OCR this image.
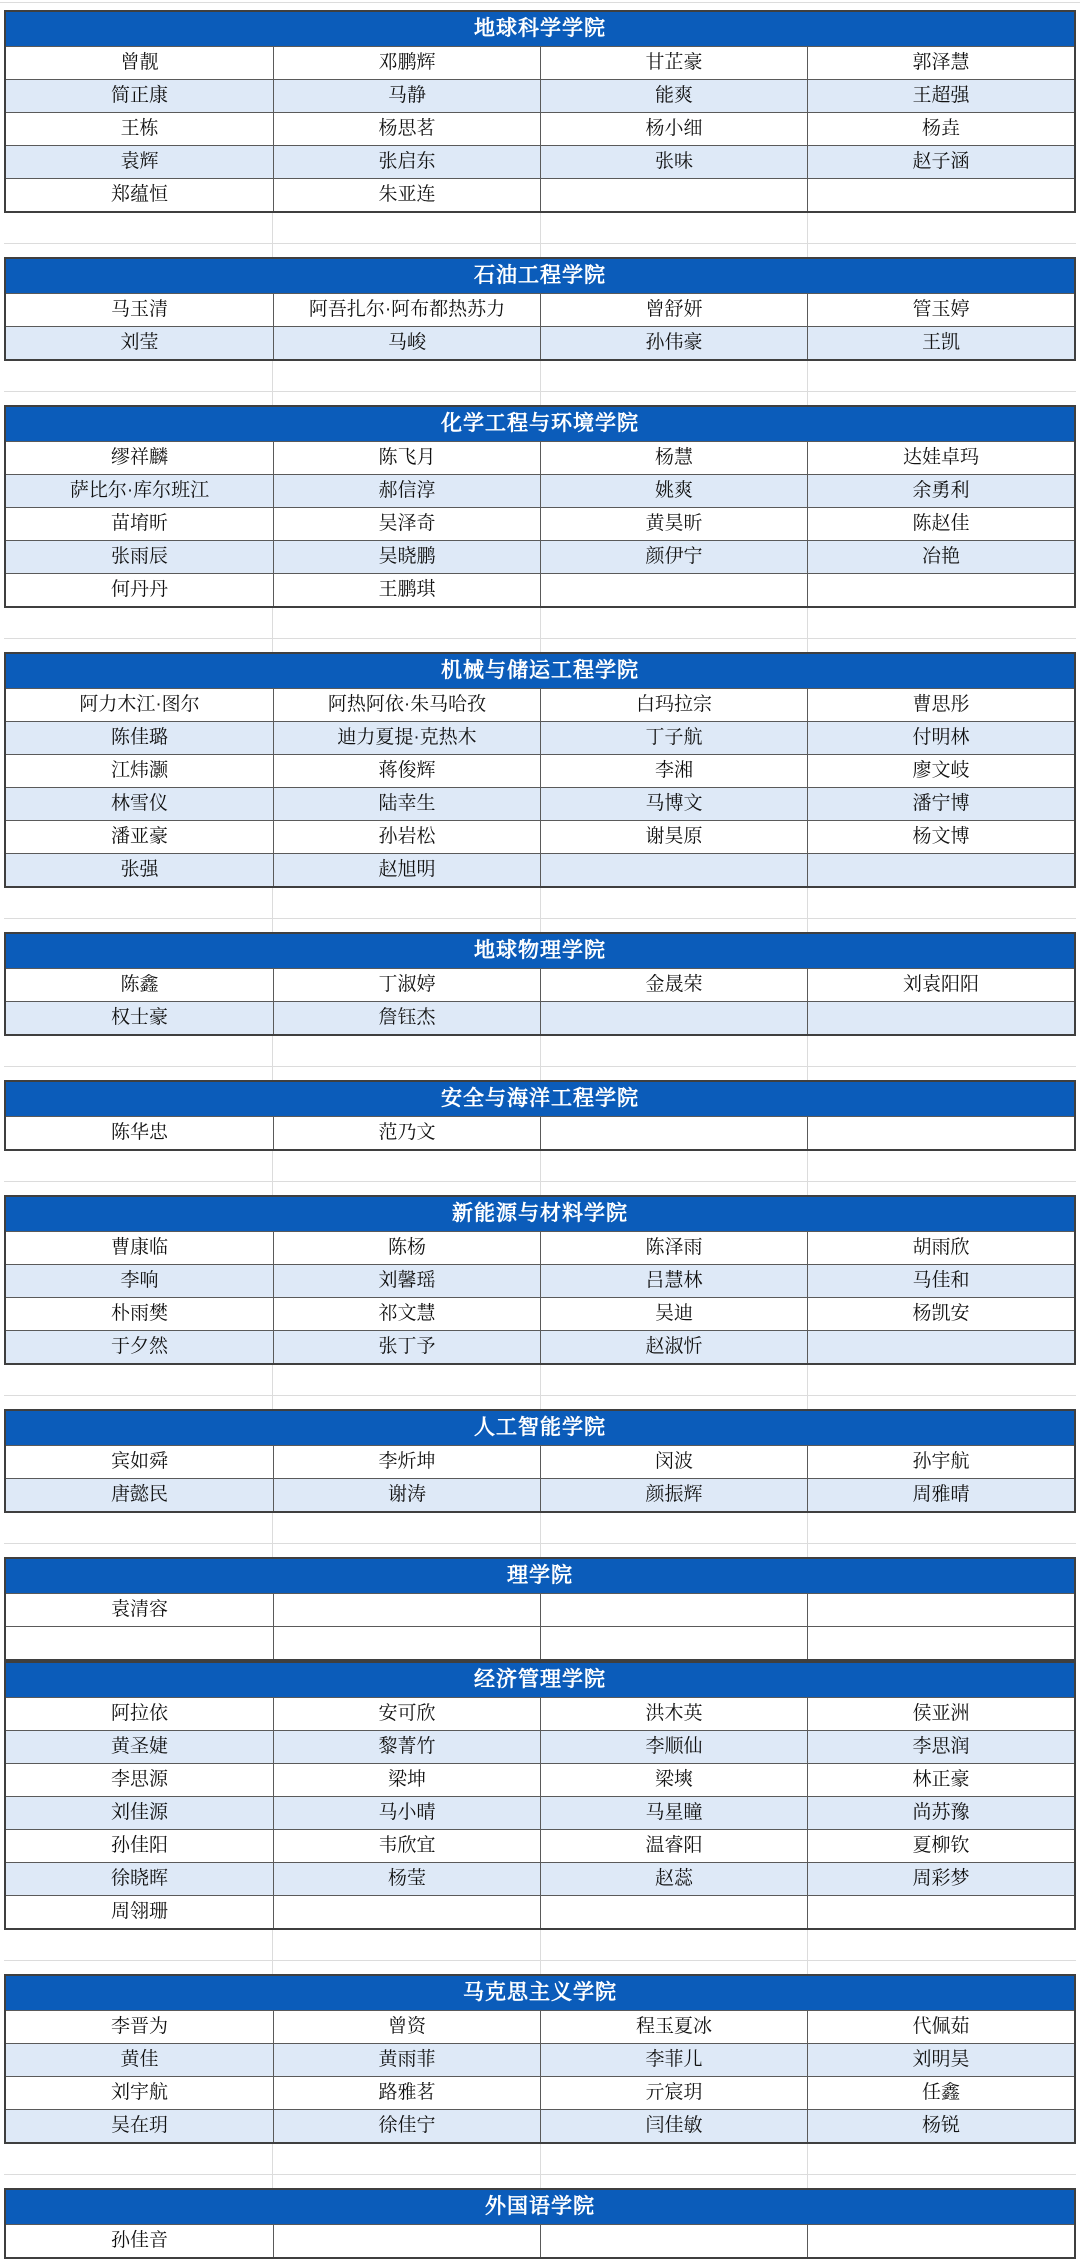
地球科学学院
曾靓	邓鹏辉	甘芷豪	郭泽慧
简正康	马静	能爽	王超强
王栋	杨思茗	杨小细	杨垚
袁辉	张启东	张味	赵子涵
郑蕴恒	朱亚连
石油工程学院
马玉清	阿吾扎尔·阿布都热苏力	曾舒妍	管玉婷
刘莹	马峻	孙伟豪	王凯
化学工程与环境学院
缪祥麟	陈飞月	杨慧	达娃卓玛
萨比尔·库尔班江	郝信淳	姚爽	余勇利
苗堉昕	吴泽奇	黄昊昕	陈赵佳
张雨辰	吴晓鹏	颜伊宁	冶艳
何丹丹	王鹏琪
机械与储运工程学院
阿力木江·图尔	阿热阿依·朱马哈孜	白玛拉宗	曹思彤
陈佳璐	迪力夏提·克热木	丁子航	付明林
江炜灏	蒋俊辉	李湘	廖文岐
林雪仪	陆幸生	马博文	潘宁博
潘亚豪	孙岩松	谢昊原	杨文博
张强	赵旭明
地球物理学院
陈鑫	丁淑婷	金晟荣	刘袁阳阳
权士豪	詹钰杰
安全与海洋工程学院
陈华忠	范乃文
新能源与材料学院
曹康临	陈杨	陈泽雨	胡雨欣
李响	刘馨瑶	吕慧林	马佳和
朴雨樊	祁文慧	吴迪	杨凯安
于夕然	张丁予	赵淑忻
人工智能学院
宾如舜	李炘坤	闵波	孙宇航
唐懿民	谢涛	颜振辉	周雅晴
理学院
袁清容
经济管理学院
阿拉依	安可欣	洪木英	侯亚洲
黄圣婕	黎菁竹	李顺仙	李思润
李思源	梁坤	梁塽	林正豪
刘佳源	马小晴	马星瞳	尚苏豫
孙佳阳	韦欣宜	温睿阳	夏柳钦
徐晓晖	杨莹	赵蕊	周彩梦
周翎珊
马克思主义学院
李晋为	曾资	程玉夏冰	代佩茹
黄佳	黄雨菲	李菲儿	刘明昊
刘宇航	路雅茗	亓宸玥	任鑫
吴在玥	徐佳宁	闫佳敏	杨锐
外国语学院
孙佳音
